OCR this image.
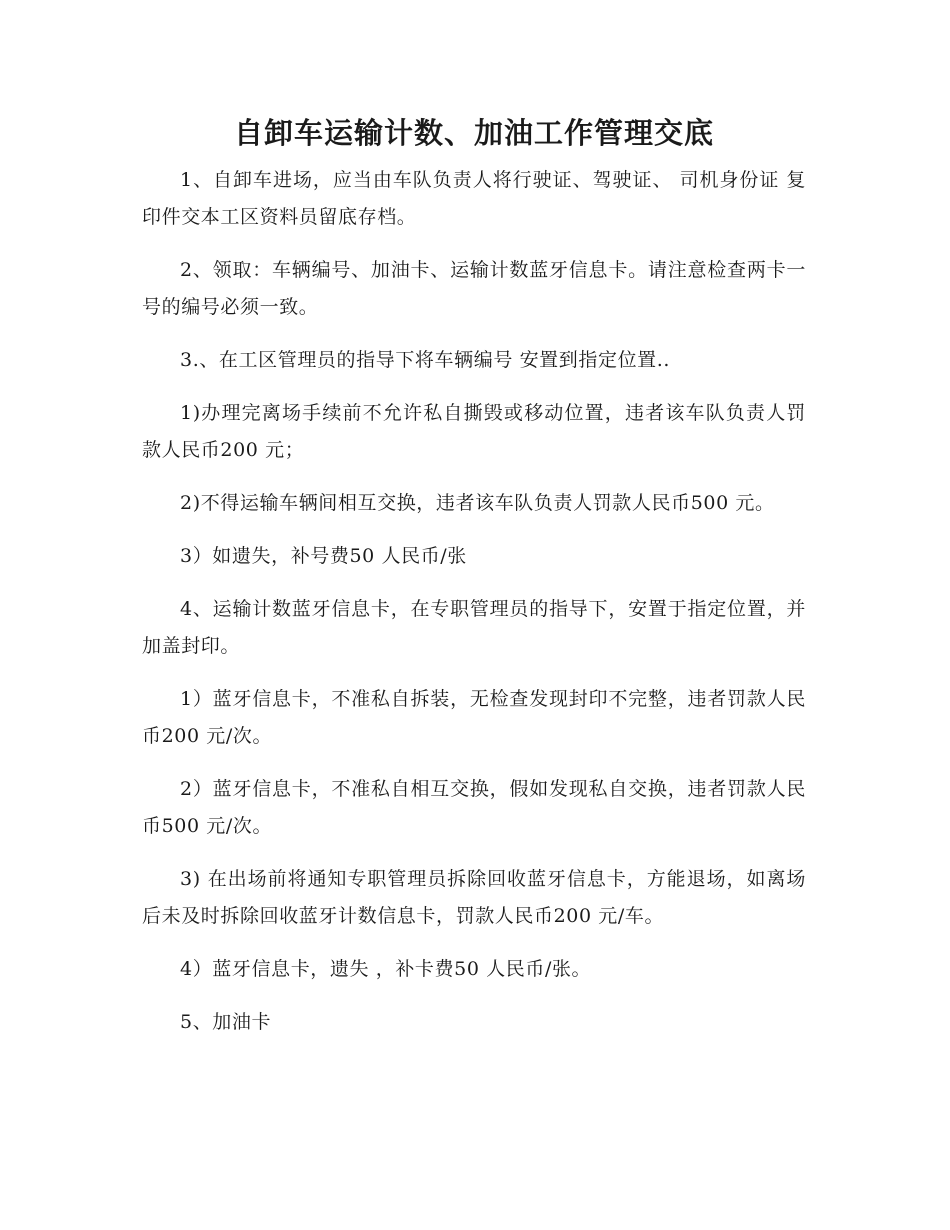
自卸车运输计数、加油工作管理交底

1、自卸车进场，应当由车队负责人将行驶证、驾驶证、 司机身份证 复印件交本工区资料员留底存档。

2、领取：车辆编号、加油卡、运输计数蓝牙信息卡。请注意检查两卡一号的编号必须一致。

3.、在工区管理员的指导下将车辆编号 安置到指定位置..

1)办理完离场手续前不允许私自撕毁或移动位置，违者该车队负责人罚款人民币200 元；

2)不得运输车辆间相互交换，违者该车队负责人罚款人民币500 元。

3）如遗失，补号费50 人民币/张

4、运输计数蓝牙信息卡，在专职管理员的指导下，安置于指定位置，并加盖封印。

1）蓝牙信息卡，不准私自拆装，无检查发现封印不完整，违者罚款人民币200 元/次。

2）蓝牙信息卡，不准私自相互交换，假如发现私自交换，违者罚款人民币500 元/次。

3) 在出场前将通知专职管理员拆除回收蓝牙信息卡，方能退场，如离场后未及时拆除回收蓝牙计数信息卡，罚款人民币200 元/车。

4）蓝牙信息卡，遗失 ，补卡费50 人民币/张。

5、加油卡
